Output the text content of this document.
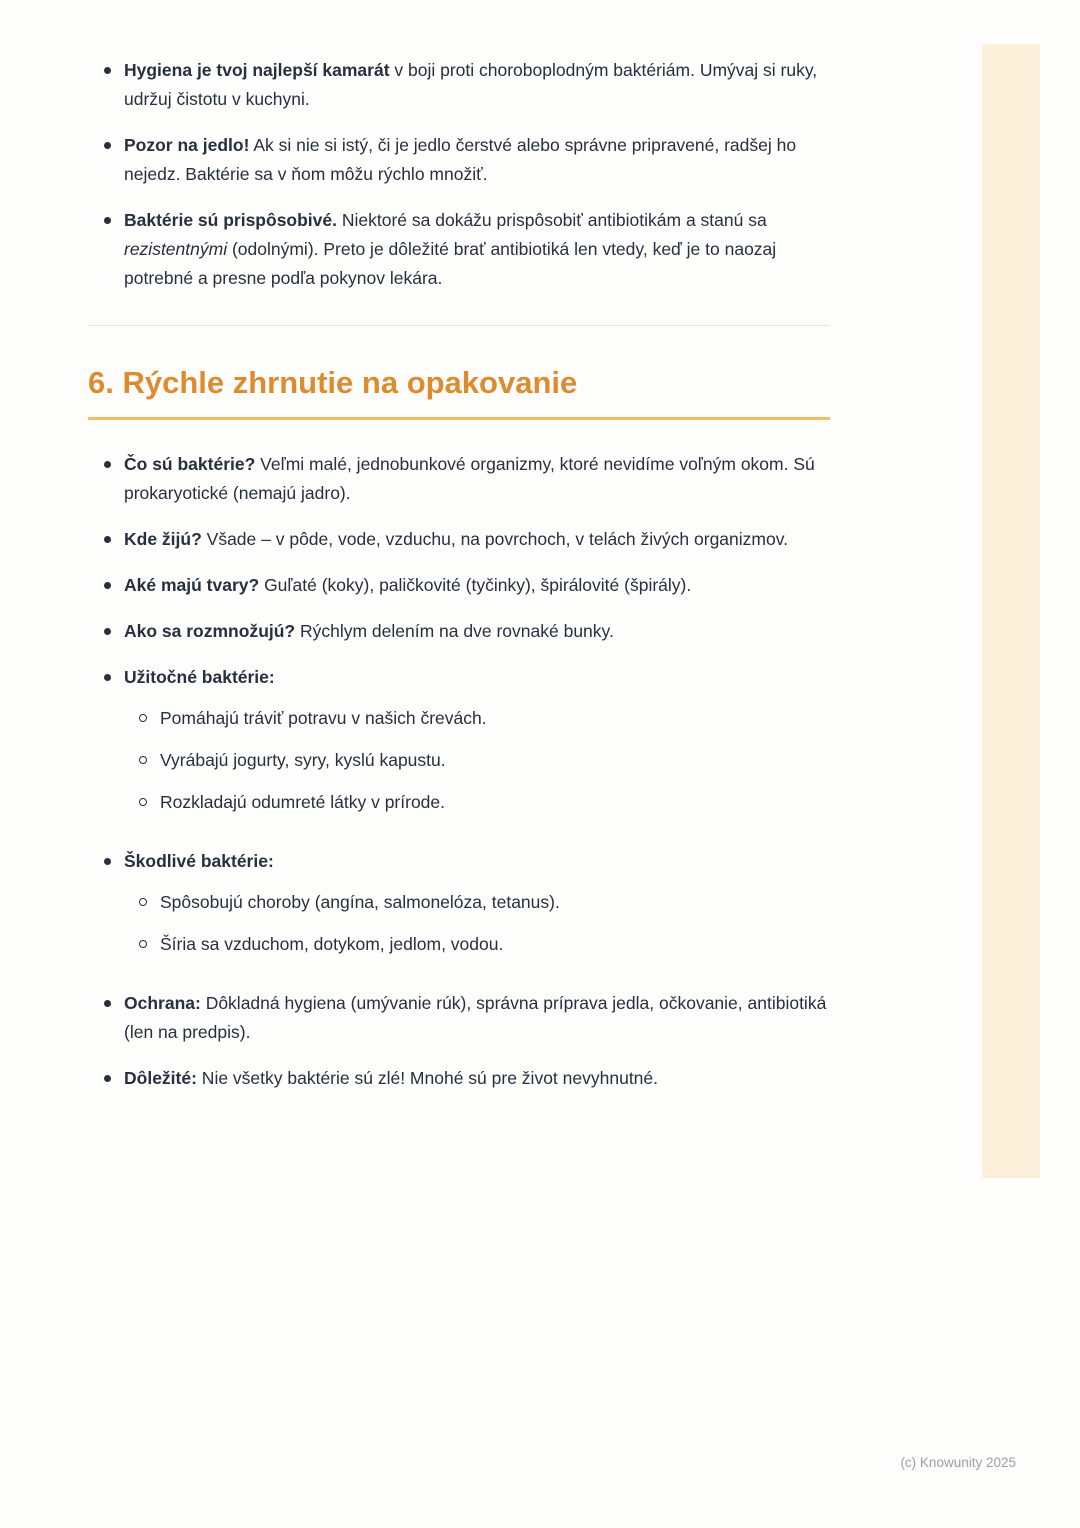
Hygiena je tvoj najlepší kamarát v boji proti choroboplodným baktériám. Umývaj si ruky, udržuj čistotu v kuchyni.

Pozor na jedlo! Ak si nie si istý, či je jedlo čerstvé alebo správne pripravené, radšej ho nejedz. Baktérie sa v ňom môžu rýchlo množiť.

Baktérie sú prispôsobivé. Niektoré sa dokážu prispôsobiť antibiotikám a stanú sa rezistentnými (odolnými). Preto je dôležité brať antibiotiká len vtedy, keď je to naozaj potrebné a presne podľa pokynov lekára.

6. Rýchle zhrnutie na opakovanie

Čo sú baktérie? Veľmi malé, jednobunkové organizmy, ktoré nevidíme voľným okom. Sú prokaryotické (nemajú jadro).

Kde žijú? Všade – v pôde, vode, vzduchu, na povrchoch, v telách živých organizmov.

Aké majú tvary? Guľaté (koky), paličkovité (tyčinky), špirálovité (špirály).

Ako sa rozmnožujú? Rýchlym delením na dve rovnaké bunky.

Užitočné baktérie:

Pomáhajú tráviť potravu v našich črevách.

Vyrábajú jogurty, syry, kyslú kapustu.

Rozkladajú odumreté látky v prírode.

Škodlivé baktérie:

Spôsobujú choroby (angína, salmonelóza, tetanus).

Šíria sa vzduchom, dotykom, jedlom, vodou.

Ochrana: Dôkladná hygiena (umývanie rúk), správna príprava jedla, očkovanie, antibiotiká (len na predpis).

Dôležité: Nie všetky baktérie sú zlé! Mnohé sú pre život nevyhnutné.

(c) Knowunity 2025
